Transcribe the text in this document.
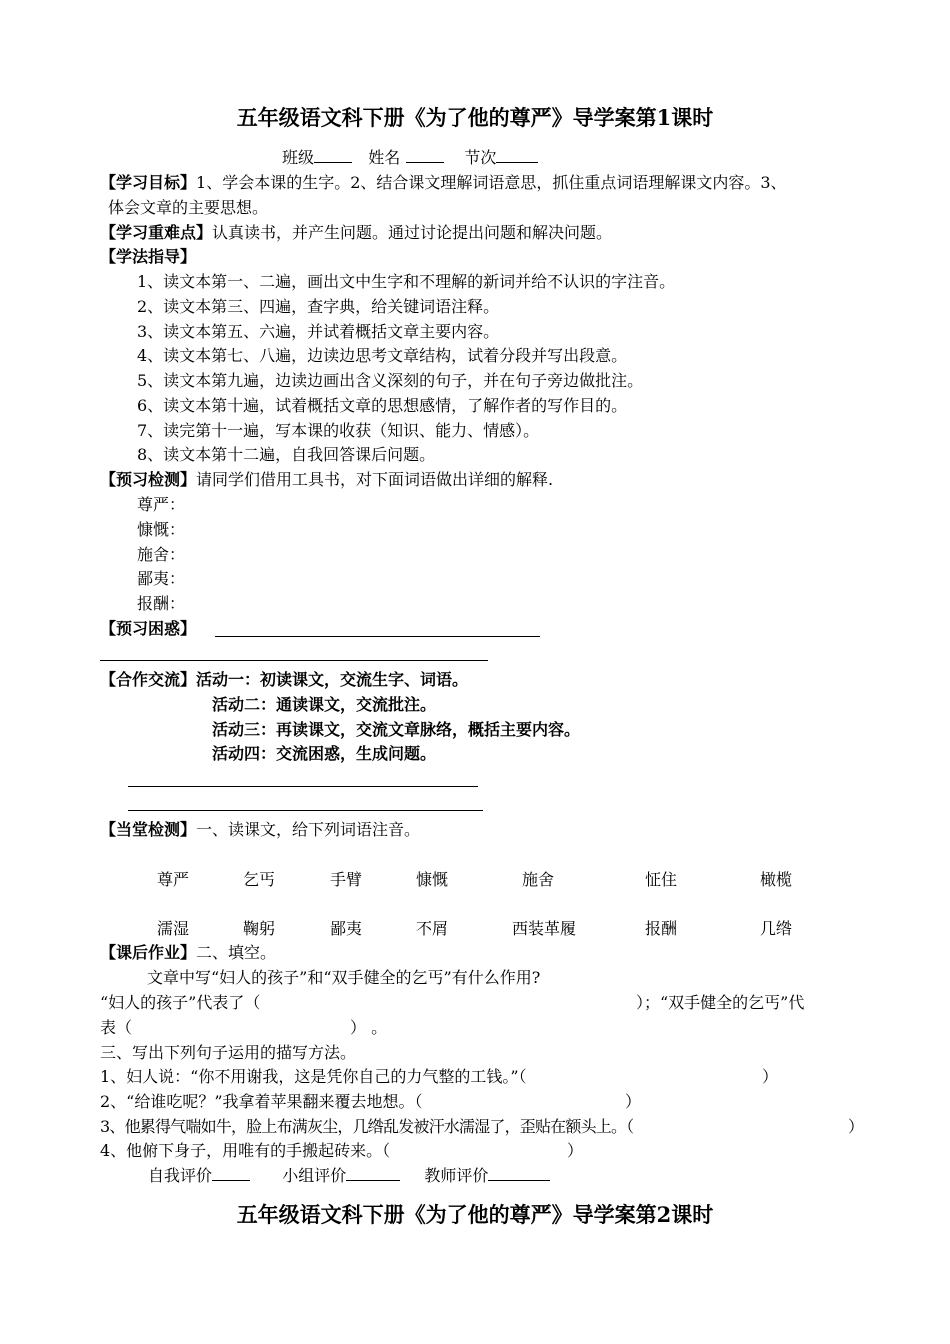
五年级语文科下册《为了他的尊严》导学案第1课时
班级	姓名	节次
【学习目标】1、学会本课的生字。2、结合课文理解词语意思，抓住重点词语理解课文内容。3、
体会文章的主要思想。
【学习重难点】认真读书，并产生问题。通过讨论提出问题和解决问题。
【学法指导】
1、读文本第一、二遍，画出文中生字和不理解的新词并给不认识的字注音。
2、读文本第三、四遍，查字典，给关键词语注释。
3、读文本第五、六遍，并试着概括文章主要内容。
4、读文本第七、八遍，边读边思考文章结构，试着分段并写出段意。
5、读文本第九遍，边读边画出含义深刻的句子，并在句子旁边做批注。
6、读文本第十遍，试着概括文章的思想感情，了解作者的写作目的。
7、读完第十一遍，写本课的收获（知识、能力、情感）。
8、读文本第十二遍，自我回答课后问题。
【预习检测】请同学们借用工具书，对下面词语做出详细的解释.
尊严：
慷慨：
施舍：
鄙夷：
报酬：
【预习困惑】
【合作交流】活动一：初读课文，交流生字、词语。
活动二：通读课文，交流批注。
活动三：再读课文，交流文章脉络，概括主要内容。
活动四：交流困惑，生成问题。
【当堂检测】一、读课文，给下列词语注音。
尊严	乞丐	手臂	慷慨	施舍	怔住	橄榄
濡湿	鞠躬	鄙夷	不屑	西装革履	报酬	几绺
【课后作业】二、填空。
文章中写“妇人的孩子”和“双手健全的乞丐”有什么作用?
“妇人的孩子”代表了（	）；“双手健全的乞丐”代
表（	） 。
三、写出下列句子运用的描写方法。
1、妇人说：“你不用谢我，这是凭你自己的力气整的工钱。”（	）
2、“给谁吃呢？”我拿着苹果翻来覆去地想。（	）
3、他累得气喘如牛，脸上布满灰尘，几绺乱发被汗水濡湿了，歪贴在额头上。（	）
4、他俯下身子，用唯有的手搬起砖来。（	）
自我评价	小组评价	教师评价
五年级语文科下册《为了他的尊严》导学案第2课时
